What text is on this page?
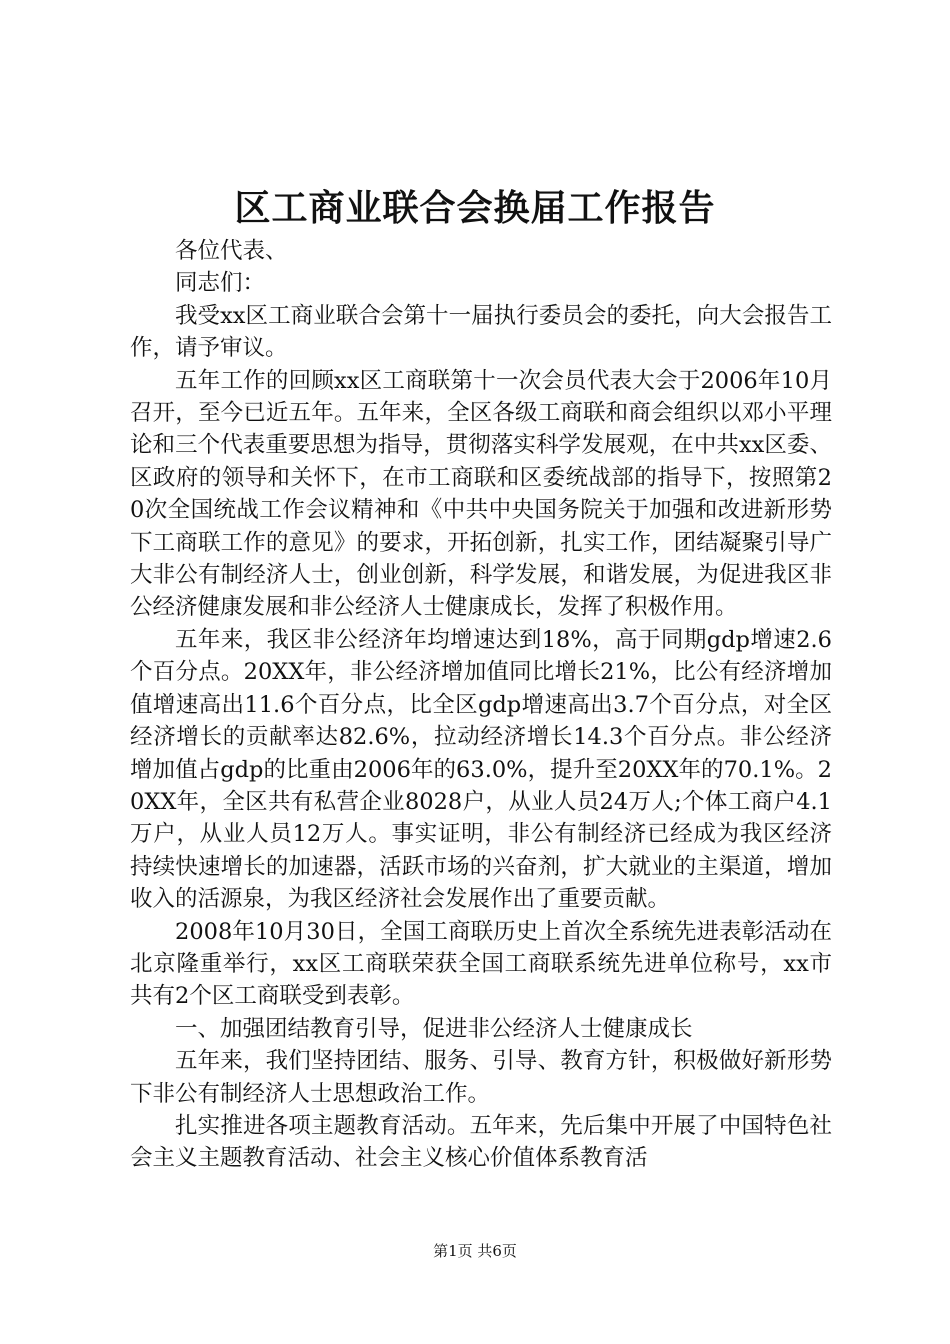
区工商业联合会换届工作报告

各位代表、

同志们：

我受xx区工商业联合会第十一届执行委员会的委托，向大会报告工作，请予审议。

五年工作的回顾xx区工商联第十一次会员代表大会于2006年10月召开，至今已近五年。五年来，全区各级工商联和商会组织以邓小平理论和三个代表重要思想为指导，贯彻落实科学发展观，在中共xx区委、区政府的领导和关怀下，在市工商联和区委统战部的指导下，按照第20次全国统战工作会议精神和《中共中央国务院关于加强和改进新形势下工商联工作的意见》的要求，开拓创新，扎实工作，团结凝聚引导广大非公有制经济人士，创业创新，科学发展，和谐发展，为促进我区非公经济健康发展和非公经济人士健康成长，发挥了积极作用。

五年来，我区非公经济年均增速达到18%，高于同期gdp增速2.6个百分点。20XX年，非公经济增加值同比增长21%，比公有经济增加值增速高出11.6个百分点，比全区gdp增速高出3.7个百分点，对全区经济增长的贡献率达82.6%，拉动经济增长14.3个百分点。非公经济增加值占gdp的比重由2006年的63.0%，提升至20XX年的70.1%。20XX年，全区共有私营企业8028户，从业人员24万人;个体工商户4.1万户，从业人员12万人。事实证明，非公有制经济已经成为我区经济持续快速增长的加速器，活跃市场的兴奋剂，扩大就业的主渠道，增加收入的活源泉，为我区经济社会发展作出了重要贡献。

2008年10月30日，全国工商联历史上首次全系统先进表彰活动在北京隆重举行，xx区工商联荣获全国工商联系统先进单位称号，xx市共有2个区工商联受到表彰。

一、加强团结教育引导，促进非公经济人士健康成长

五年来，我们坚持团结、服务、引导、教育方针，积极做好新形势下非公有制经济人士思想政治工作。

扎实推进各项主题教育活动。五年来，先后集中开展了中国特色社会主义主题教育活动、社会主义核心价值体系教育活

第1页 共6页
